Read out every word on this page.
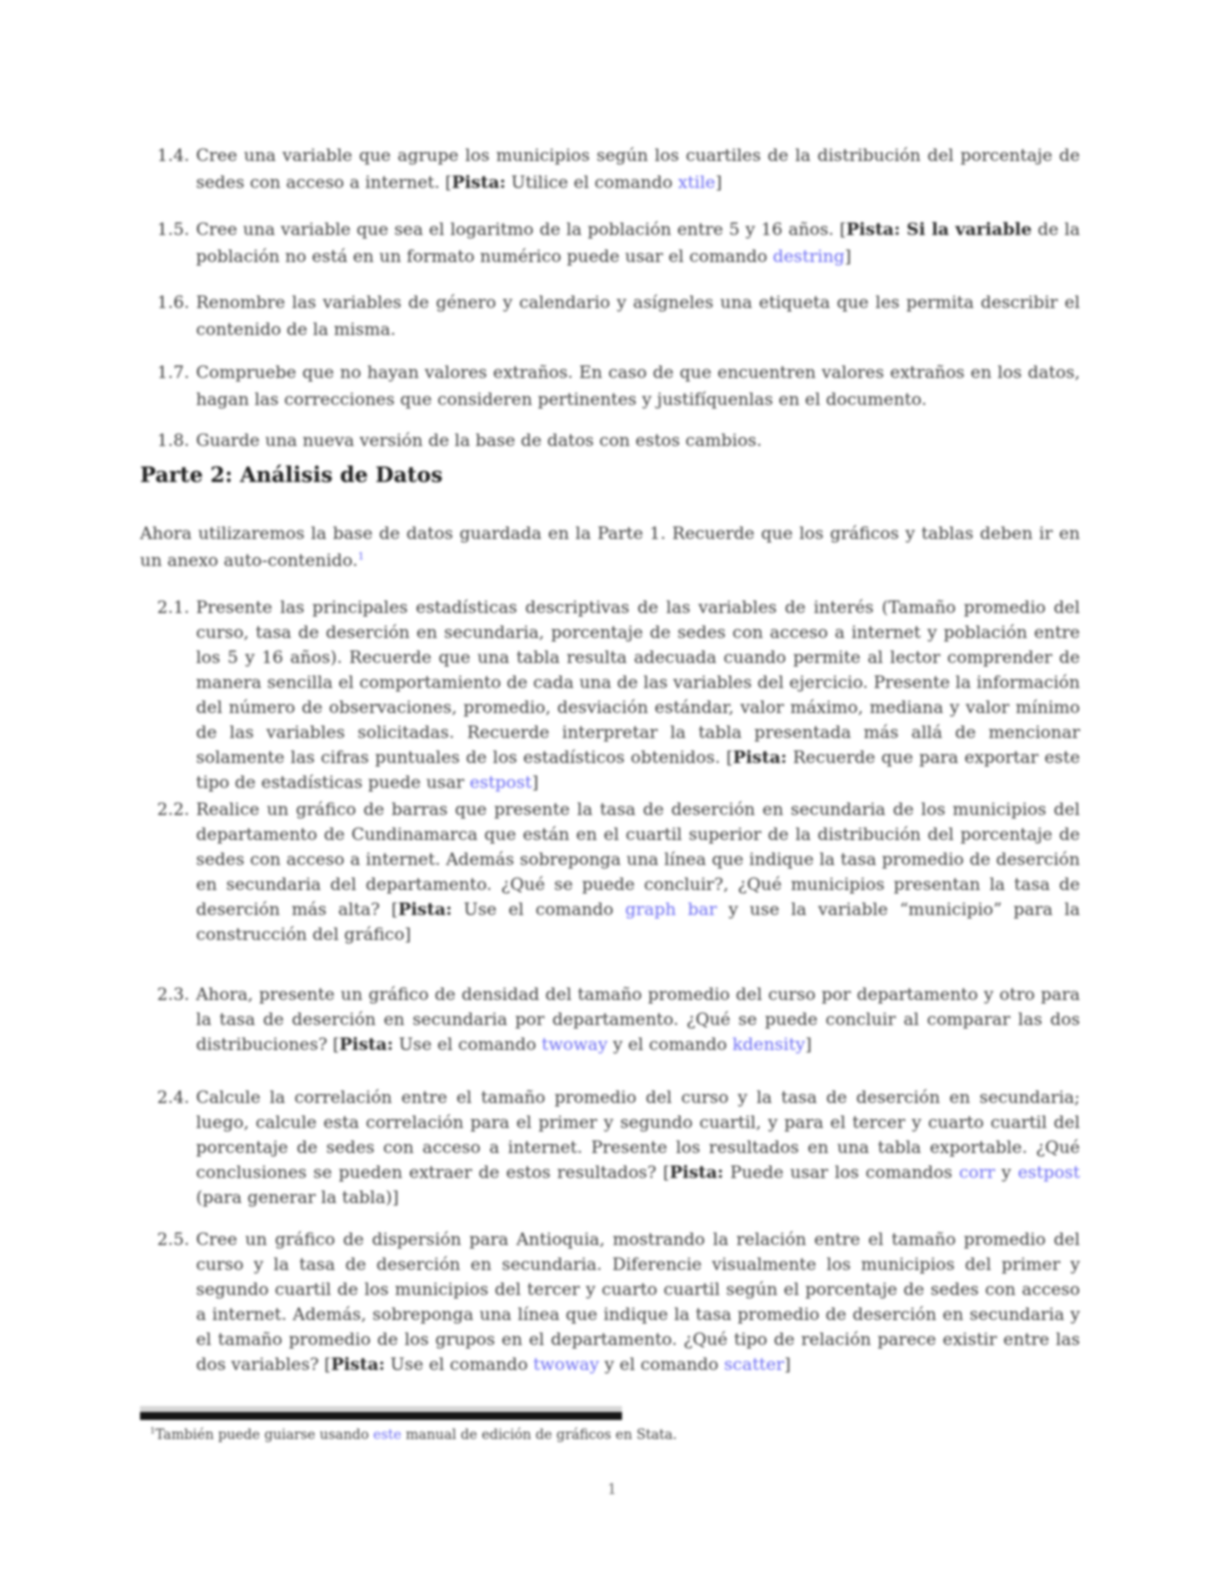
1.4. Cree una variable que agrupe los municipios según los cuartiles de la distribución del porcentaje de sedes con acceso a internet. [Pista: Utilice el comando xtile]
1.5. Cree una variable que sea el logaritmo de la población entre 5 y 16 años. [Pista: Si la variable de la población no está en un formato numérico puede usar el comando destring]
1.6. Renombre las variables de género y calendario y asígneles una etiqueta que les permita describir el contenido de la misma.
1.7. Compruebe que no hayan valores extraños. En caso de que encuentren valores extraños en los datos, hagan las correcciones que consideren pertinentes y justifíquenlas en el documento.
1.8. Guarde una nueva versión de la base de datos con estos cambios.
Parte 2: Análisis de Datos
Ahora utilizaremos la base de datos guardada en la Parte 1. Recuerde que los gráficos y tablas deben ir en un anexo auto-contenido.$^1$
2.1. Presente las principales estadísticas descriptivas de las variables de interés (Tamaño promedio del curso, tasa de deserción en secundaria, porcentaje de sedes con acceso a internet y población entre los 5 y 16 años). Recuerde que una tabla resulta adecuada cuando permite al lector comprender de manera sencilla el comportamiento de cada una de las variables del ejercicio. Presente la información del número de observaciones, promedio, desviación estándar, valor máximo, mediana y valor mínimo de las variables solicitadas. Recuerde interpretar la tabla presentada más allá de mencionar solamente las cifras puntuales de los estadísticos obtenidos. [Pista: Recuerde que para exportar este tipo de estadísticas puede usar estpost]
2.2. Realice un gráfico de barras que presente la tasa de deserción en secundaria de los municipios del departamento de Cundinamarca que están en el cuartil superior de la distribución del porcentaje de sedes con acceso a internet. Además sobreponga una línea que indique la tasa promedio de deserción en secundaria del departamento. ¿Qué se puede concluir?, ¿Qué municipios presentan la tasa de deserción más alta? [Pista: Use el comando graph bar y use la variable “municipio” para la construcción del gráfico]
2.3. Ahora, presente un gráfico de densidad del tamaño promedio del curso por departamento y otro para la tasa de deserción en secundaria por departamento. ¿Qué se puede concluir al comparar las dos distribuciones? [Pista: Use el comando twoway y el comando kdensity]
2.4. Calcule la correlación entre el tamaño promedio del curso y la tasa de deserción en secundaria; luego, calcule esta correlación para el primer y segundo cuartil, y para el tercer y cuarto cuartil del porcentaje de sedes con acceso a internet. Presente los resultados en una tabla exportable. ¿Qué conclusiones se pueden extraer de estos resultados? [Pista: Puede usar los comandos corr y estpost (para generar la tabla)]
2.5. Cree un gráfico de dispersión para Antioquia, mostrando la relación entre el tamaño promedio del curso y la tasa de deserción en secundaria. Diferencie visualmente los municipios del primer y segundo cuartil de los municipios del tercer y cuarto cuartil según el porcentaje de sedes con acceso a internet. Además, sobreponga una línea que indique la tasa promedio de deserción en secundaria y el tamaño promedio de los grupos en el departamento. ¿Qué tipo de relación parece existir entre las dos variables? [Pista: Use el comando twoway y el comando scatter]
$^1$También puede guiarse usando este manual de edición de gráficos en Stata.
1
